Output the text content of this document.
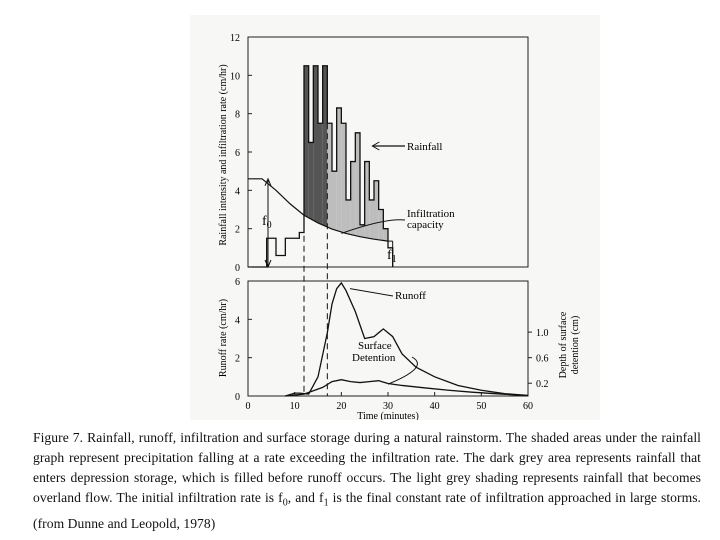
0
2
4
6
8
10
12
Rainfall intensity and infiltration rate (cm/hr)	Rainfall
Infiltration
capacity
$f_0$
$f_1$
0
2
4
6
0	10	20	30	40	50	60
0.2
0.6
1.0
Runoff rate (cm/hr)	Depth of surface detention (cm)
Runoff
Surface
Detention
Time (minutes)
Figure 7. Rainfall, runoff, infiltration and surface storage during a natural rainstorm. The shaded areas under the rainfall graph represent precipitation falling at a rate exceeding the infiltration rate. The dark grey area represents rainfall that enters depression storage, which is filled before runoff occurs. The light grey shading represents rainfall that becomes overland flow. The initial infiltration rate is $f_0$, and $f_1$ is the final constant rate of infiltration approached in large storms. (from Dunne and Leopold, 1978)
